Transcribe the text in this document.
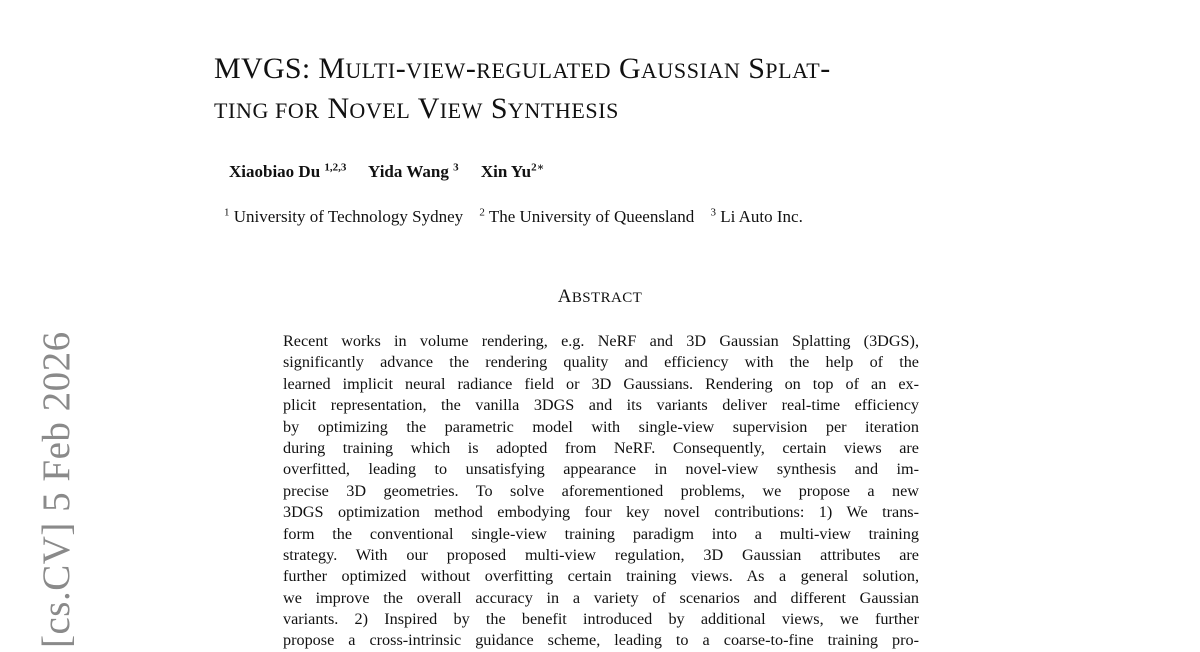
MVGS: MULTI-VIEW-REGULATED GAUSSIAN SPLAT-
TING FOR NOVEL VIEW SYNTHESIS
Xiaobiao Du $^{1,2,3}$ Yida Wang $^3$ Xin $Yu^{2∗}$
$^1$ University of Technology Sydney $^2$ The University of Queensland $^3$ Li Auto Inc.
ABSTRACT
Recent works in volume rendering, e.g. NeRF and 3D Gaussian Splatting (3DGS),
significantly advance the rendering quality and efficiency with the help of the
learned implicit neural radiance field or 3D Gaussians. Rendering on top of an ex-
plicit representation, the vanilla 3DGS and its variants deliver real-time efficiency
by optimizing the parametric model with single-view supervision per iteration
during training which is adopted from NeRF. Consequently, certain views are
overfitted, leading to unsatisfying appearance in novel-view synthesis and im-
precise 3D geometries. To solve aforementioned problems, we propose a new
3DGS optimization method embodying four key novel contributions: 1) We trans-
form the conventional single-view training paradigm into a multi-view training
strategy. With our proposed multi-view regulation, 3D Gaussian attributes are
further optimized without overfitting certain training views. As a general solution,
we improve the overall accuracy in a variety of scenarios and different Gaussian
variants. 2) Inspired by the benefit introduced by additional views, we further
propose a cross-intrinsic guidance scheme, leading to a coarse-to-fine training pro-
[cs.CV] 5 Feb 2026
